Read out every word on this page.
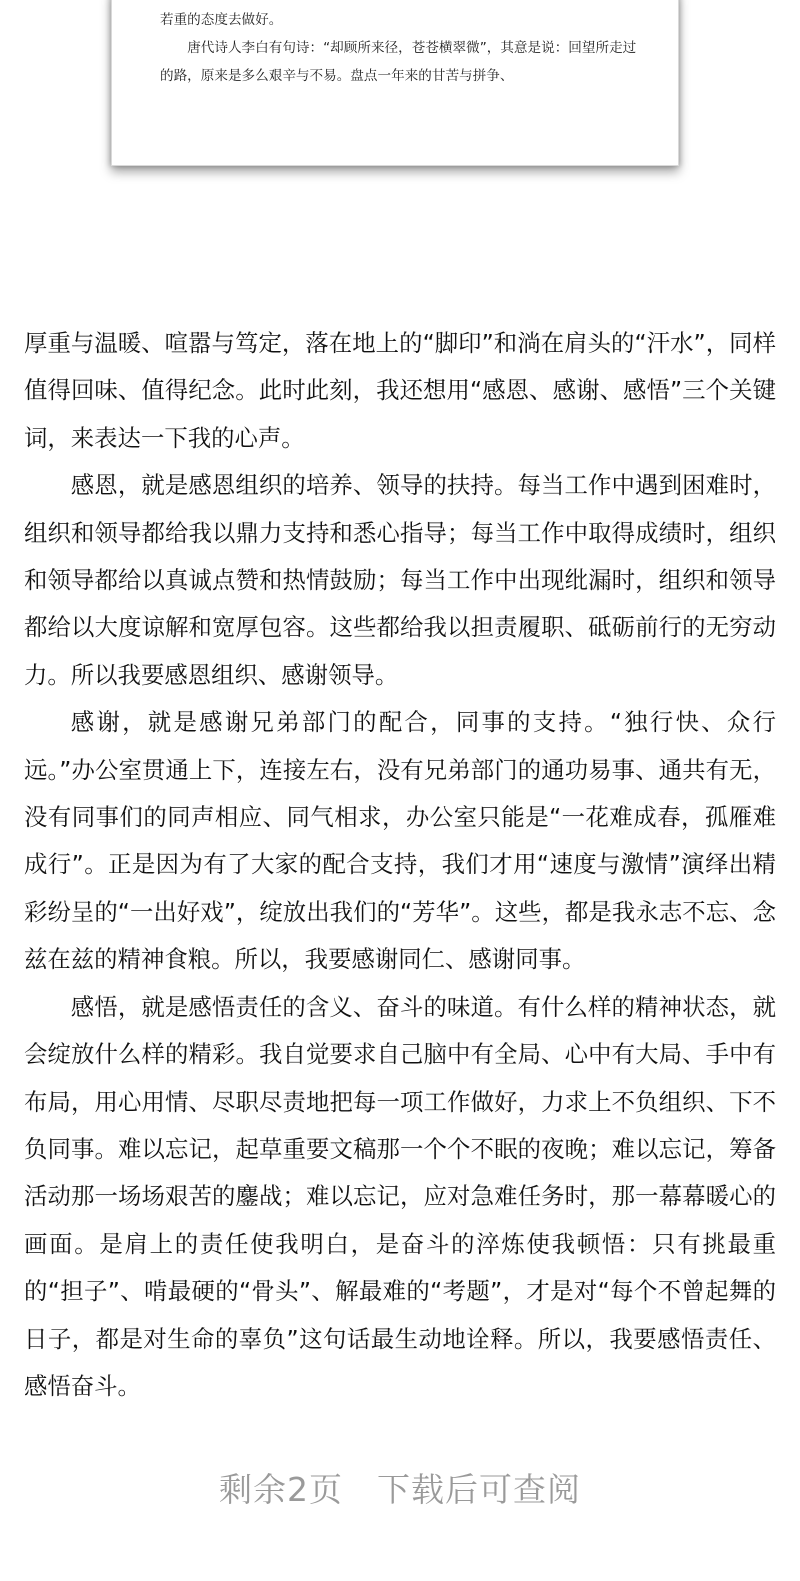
若重的态度去做好。

唐代诗人李白有句诗：“却顾所来径，苍苍横翠微”，其意是说：回望所走过的路，原来是多么艰辛与不易。盘点一年来的甘苦与拼争、

厚重与温暖、喧嚣与笃定，落在地上的“脚印”和淌在肩头的“汗水”，同样值得回味、值得纪念。此时此刻，我还想用“感恩、感谢、感悟”三个关键词，来表达一下我的心声。

感恩，就是感恩组织的培养、领导的扶持。每当工作中遇到困难时，组织和领导都给我以鼎力支持和悉心指导；每当工作中取得成绩时，组织和领导都给以真诚点赞和热情鼓励；每当工作中出现纰漏时，组织和领导都给以大度谅解和宽厚包容。这些都给我以担责履职、砥砺前行的无穷动力。所以我要感恩组织、感谢领导。

感谢，就是感谢兄弟部门的配合，同事的支持。“独行快、众行远。”办公室贯通上下，连接左右，没有兄弟部门的通功易事、通共有无，没有同事们的同声相应、同气相求，办公室只能是“一花难成春，孤雁难成行”。正是因为有了大家的配合支持，我们才用“速度与激情”演绎出精彩纷呈的“一出好戏”，绽放出我们的“芳华”。这些，都是我永志不忘、念兹在兹的精神食粮。所以，我要感谢同仁、感谢同事。

感悟，就是感悟责任的含义、奋斗的味道。有什么样的精神状态，就会绽放什么样的精彩。我自觉要求自己脑中有全局、心中有大局、手中有布局，用心用情、尽职尽责地把每一项工作做好，力求上不负组织、下不负同事。难以忘记，起草重要文稿那一个个不眠的夜晚；难以忘记，筹备活动那一场场艰苦的鏖战；难以忘记，应对急难任务时，那一幕幕暖心的画面。是肩上的责任使我明白，是奋斗的淬炼使我顿悟：只有挑最重的“担子”、啃最硬的“骨头”、解最难的“考题”，才是对“每个不曾起舞的日子，都是对生命的辜负”这句话最生动地诠释。所以，我要感悟责任、感悟奋斗。

剩余2页 下载后可查阅
